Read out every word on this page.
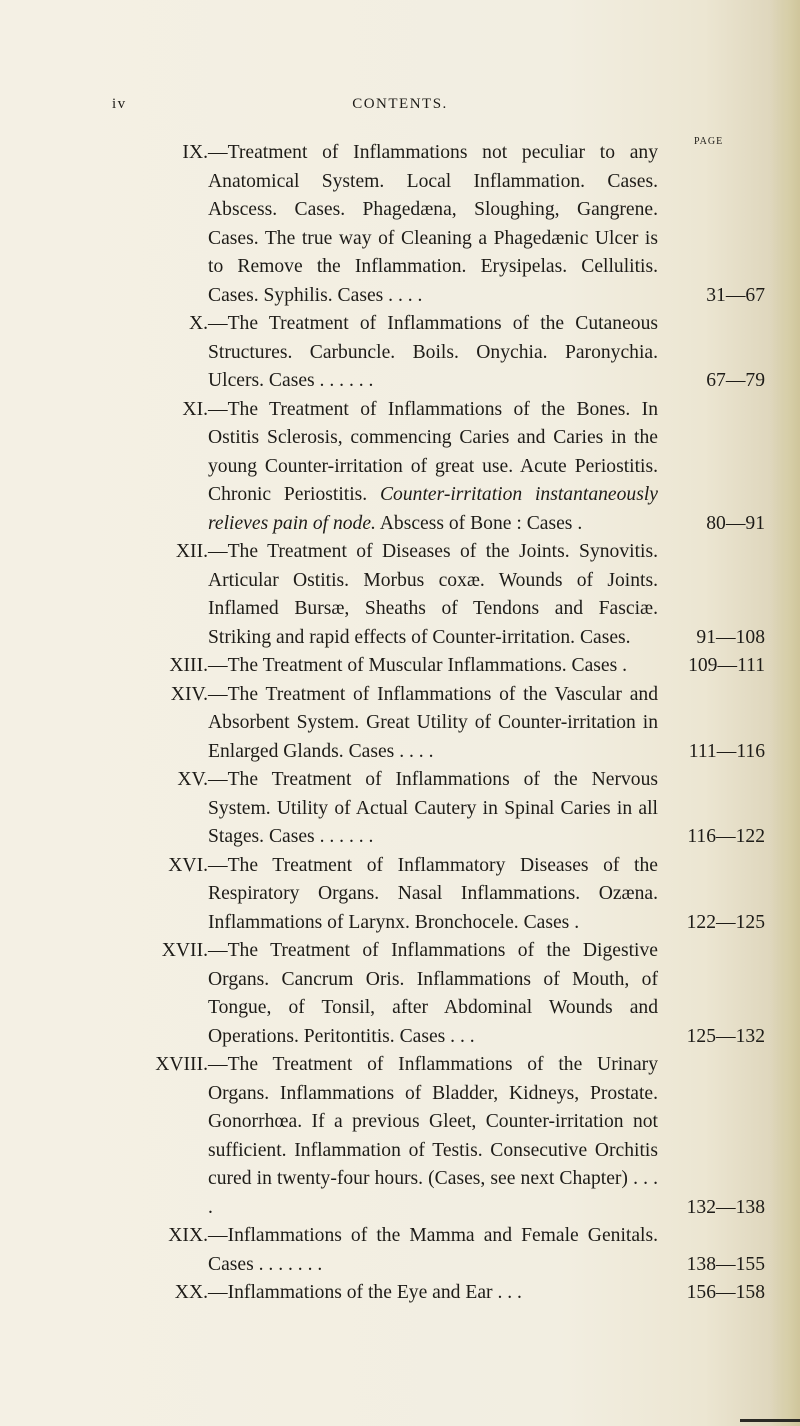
iv	CONTENTS.
PAGE
IX.—Treatment of Inflammations not peculiar to any Anatomical System. Local Inflammation. Cases. Abscess. Cases. Phagedæna, Sloughing, Gangrene. Cases. The true way of Cleaning a Phagedænic Ulcer is to Remove the Inflammation. Erysipelas. Cellulitis. Cases. Syphilis. Cases . . . .	31—67
X.—The Treatment of Inflammations of the Cutaneous Structures. Carbuncle. Boils. Onychia. Paronychia. Ulcers. Cases . . . . . .	67—79
XI.—The Treatment of Inflammations of the Bones. In Ostitis Sclerosis, commencing Caries and Caries in the young Counter-irritation of great use. Acute Periostitis. Chronic Periostitis. Counter-irritation instantaneously relieves pain of node. Abscess of Bone : Cases .	80—91
XII.—The Treatment of Diseases of the Joints. Synovitis. Articular Ostitis. Morbus coxæ. Wounds of Joints. Inflamed Bursæ, Sheaths of Tendons and Fasciæ. Striking and rapid effects of Counter-irritation. Cases.	91—108
XIII.—The Treatment of Muscular Inflammations. Cases .	109—111
XIV.—The Treatment of Inflammations of the Vascular and Absorbent System. Great Utility of Counter-irritation in Enlarged Glands. Cases . . . .	111—116
XV.—The Treatment of Inflammations of the Nervous System. Utility of Actual Cautery in Spinal Caries in all Stages. Cases . . . . . .	116—122
XVI.—The Treatment of Inflammatory Diseases of the Respiratory Organs. Nasal Inflammations. Ozæna. Inflammations of Larynx. Bronchocele. Cases .	122—125
XVII.—The Treatment of Inflammations of the Digestive Organs. Cancrum Oris. Inflammations of Mouth, of Tongue, of Tonsil, after Abdominal Wounds and Operations. Peritontitis. Cases . . .	125—132
XVIII.—The Treatment of Inflammations of the Urinary Organs. Inflammations of Bladder, Kidneys, Prostate. Gonorrhœa. If a previous Gleet, Counter-irritation not sufficient. Inflammation of Testis. Consecutive Orchitis cured in twenty-four hours. (Cases, see next Chapter) . . . .	132—138
XIX.—Inflammations of the Mamma and Female Genitals. Cases . . . . . . .	138—155
XX.—Inflammations of the Eye and Ear . . .	156—158
